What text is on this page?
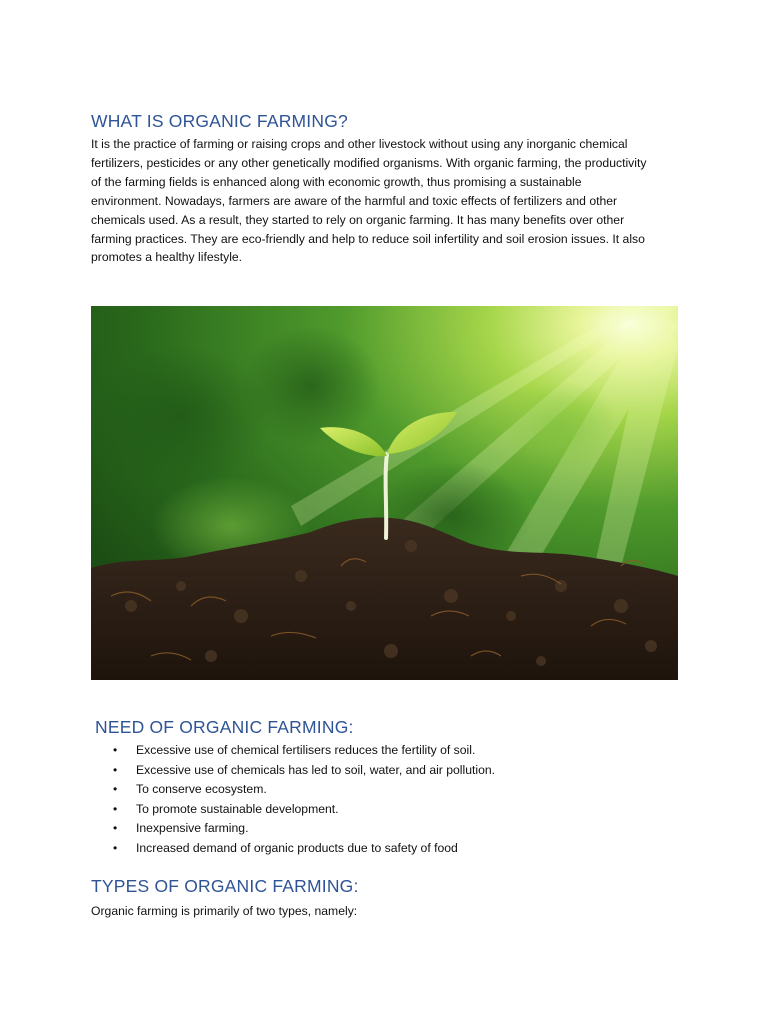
WHAT IS ORGANIC FARMING?
It is the practice of farming or raising crops and other livestock without using any inorganic chemical
fertilizers, pesticides or any other genetically modified organisms. With organic farming, the productivity
of the farming fields is enhanced along with economic growth, thus promising a sustainable
environment. Nowadays, farmers are aware of the harmful and toxic effects of fertilizers and other
chemicals used. As a result, they started to rely on organic farming. It has many benefits over other
farming practices. They are eco-friendly and help to reduce soil infertility and soil erosion issues. It also
promotes a healthy lifestyle.
NEED OF ORGANIC FARMING:
• Excessive use of chemical fertilisers reduces the fertility of soil.
• Excessive use of chemicals has led to soil, water, and air pollution.
• To conserve ecosystem.
• To promote sustainable development.
• Inexpensive farming.
• Increased demand of organic products due to safety of food
TYPES OF ORGANIC FARMING:

Organic farming is primarily of two types, namely:
